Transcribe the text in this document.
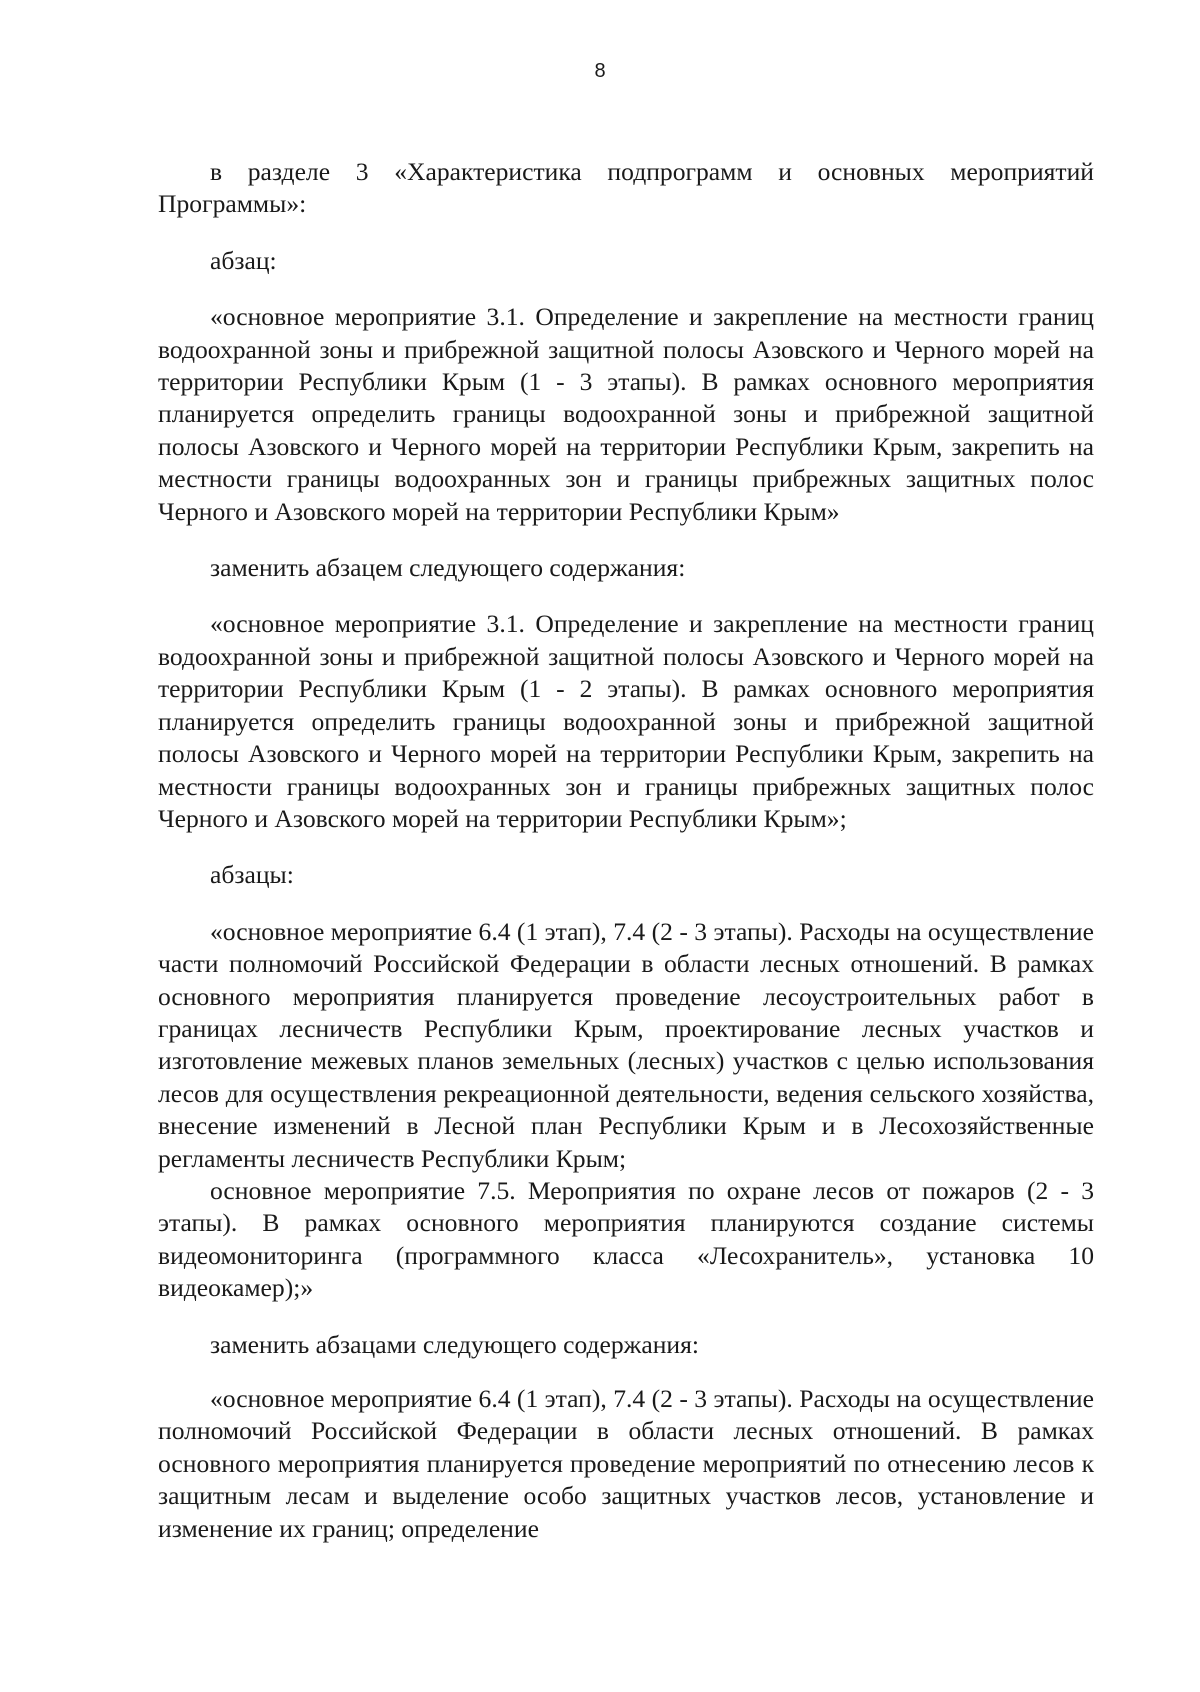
8

в разделе 3 «Характеристика подпрограмм и основных мероприятий Программы»:

абзац:

«основное мероприятие 3.1. Определение и закрепление на местности границ водоохранной зоны и прибрежной защитной полосы Азовского и Черного морей на территории Республики Крым (1 - 3 этапы). В рамках основного мероприятия планируется определить границы водоохранной зоны и прибрежной защитной полосы Азовского и Черного морей на территории Республики Крым, закрепить на местности границы водоохранных зон и границы прибрежных защитных полос Черного и Азовского морей на территории Республики Крым»

заменить абзацем следующего содержания:

«основное мероприятие 3.1. Определение и закрепление на местности границ водоохранной зоны и прибрежной защитной полосы Азовского и Черного морей на территории Республики Крым (1 - 2 этапы). В рамках основного мероприятия планируется определить границы водоохранной зоны и прибрежной защитной полосы Азовского и Черного морей на территории Республики Крым, закрепить на местности границы водоохранных зон и границы прибрежных защитных полос Черного и Азовского морей на территории Республики Крым»;

абзацы:

«основное мероприятие 6.4 (1 этап), 7.4 (2 - 3 этапы). Расходы на осуществление части полномочий Российской Федерации в области лесных отношений. В рамках основного мероприятия планируется проведение лесоустроительных работ в границах лесничеств Республики Крым, проектирование лесных участков и изготовление межевых планов земельных (лесных) участков с целью использования лесов для осуществления рекреационной деятельности, ведения сельского хозяйства, внесение изменений в Лесной план Республики Крым и в Лесохозяйственные регламенты лесничеств Республики Крым;

основное мероприятие 7.5. Мероприятия по охране лесов от пожаров (2 - 3 этапы). В рамках основного мероприятия планируются создание системы видеомониторинга (программного класса «Лесохранитель», установка 10 видеокамер);»

заменить абзацами следующего содержания:

«основное мероприятие 6.4 (1 этап), 7.4 (2 - 3 этапы). Расходы на осуществление полномочий Российской Федерации в области лесных отношений. В рамках основного мероприятия планируется проведение мероприятий по отнесению лесов к защитным лесам и выделение особо защитных участков лесов, установление и изменение их границ; определение
